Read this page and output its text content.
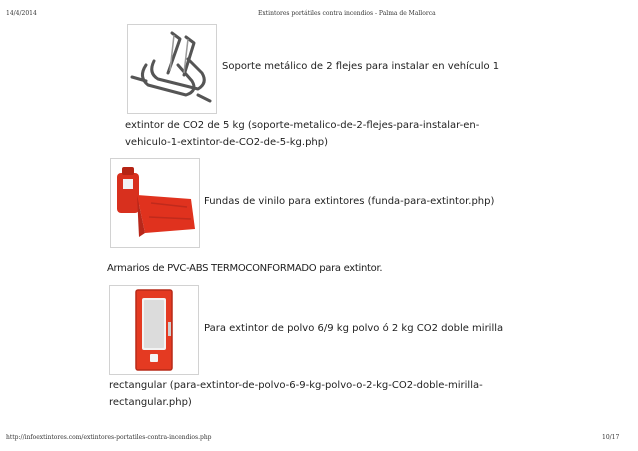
14/4/2014	Extintores portátiles contra incendios - Palma de Mallorca
Soporte metálico de 2 flejes para instalar en vehículo 1
extintor de CO2 de 5 kg (soporte-metalico-de-2-flejes-para-instalar-en-
vehiculo-1-extintor-de-CO2-de-5-kg.php)
Fundas de vinilo para extintores (funda-para-extintor.php)
Armarios de PVC-ABS TERMOCONFORMADO para extintor.
Para extintor de polvo 6/9 kg polvo ó 2 kg CO2 doble mirilla
rectangular (para-extintor-de-polvo-6-9-kg-polvo-o-2-kg-CO2-doble-mirilla-
rectangular.php)
http://infoextintores.com/extintores-portatiles-contra-incendios.php	10/17
